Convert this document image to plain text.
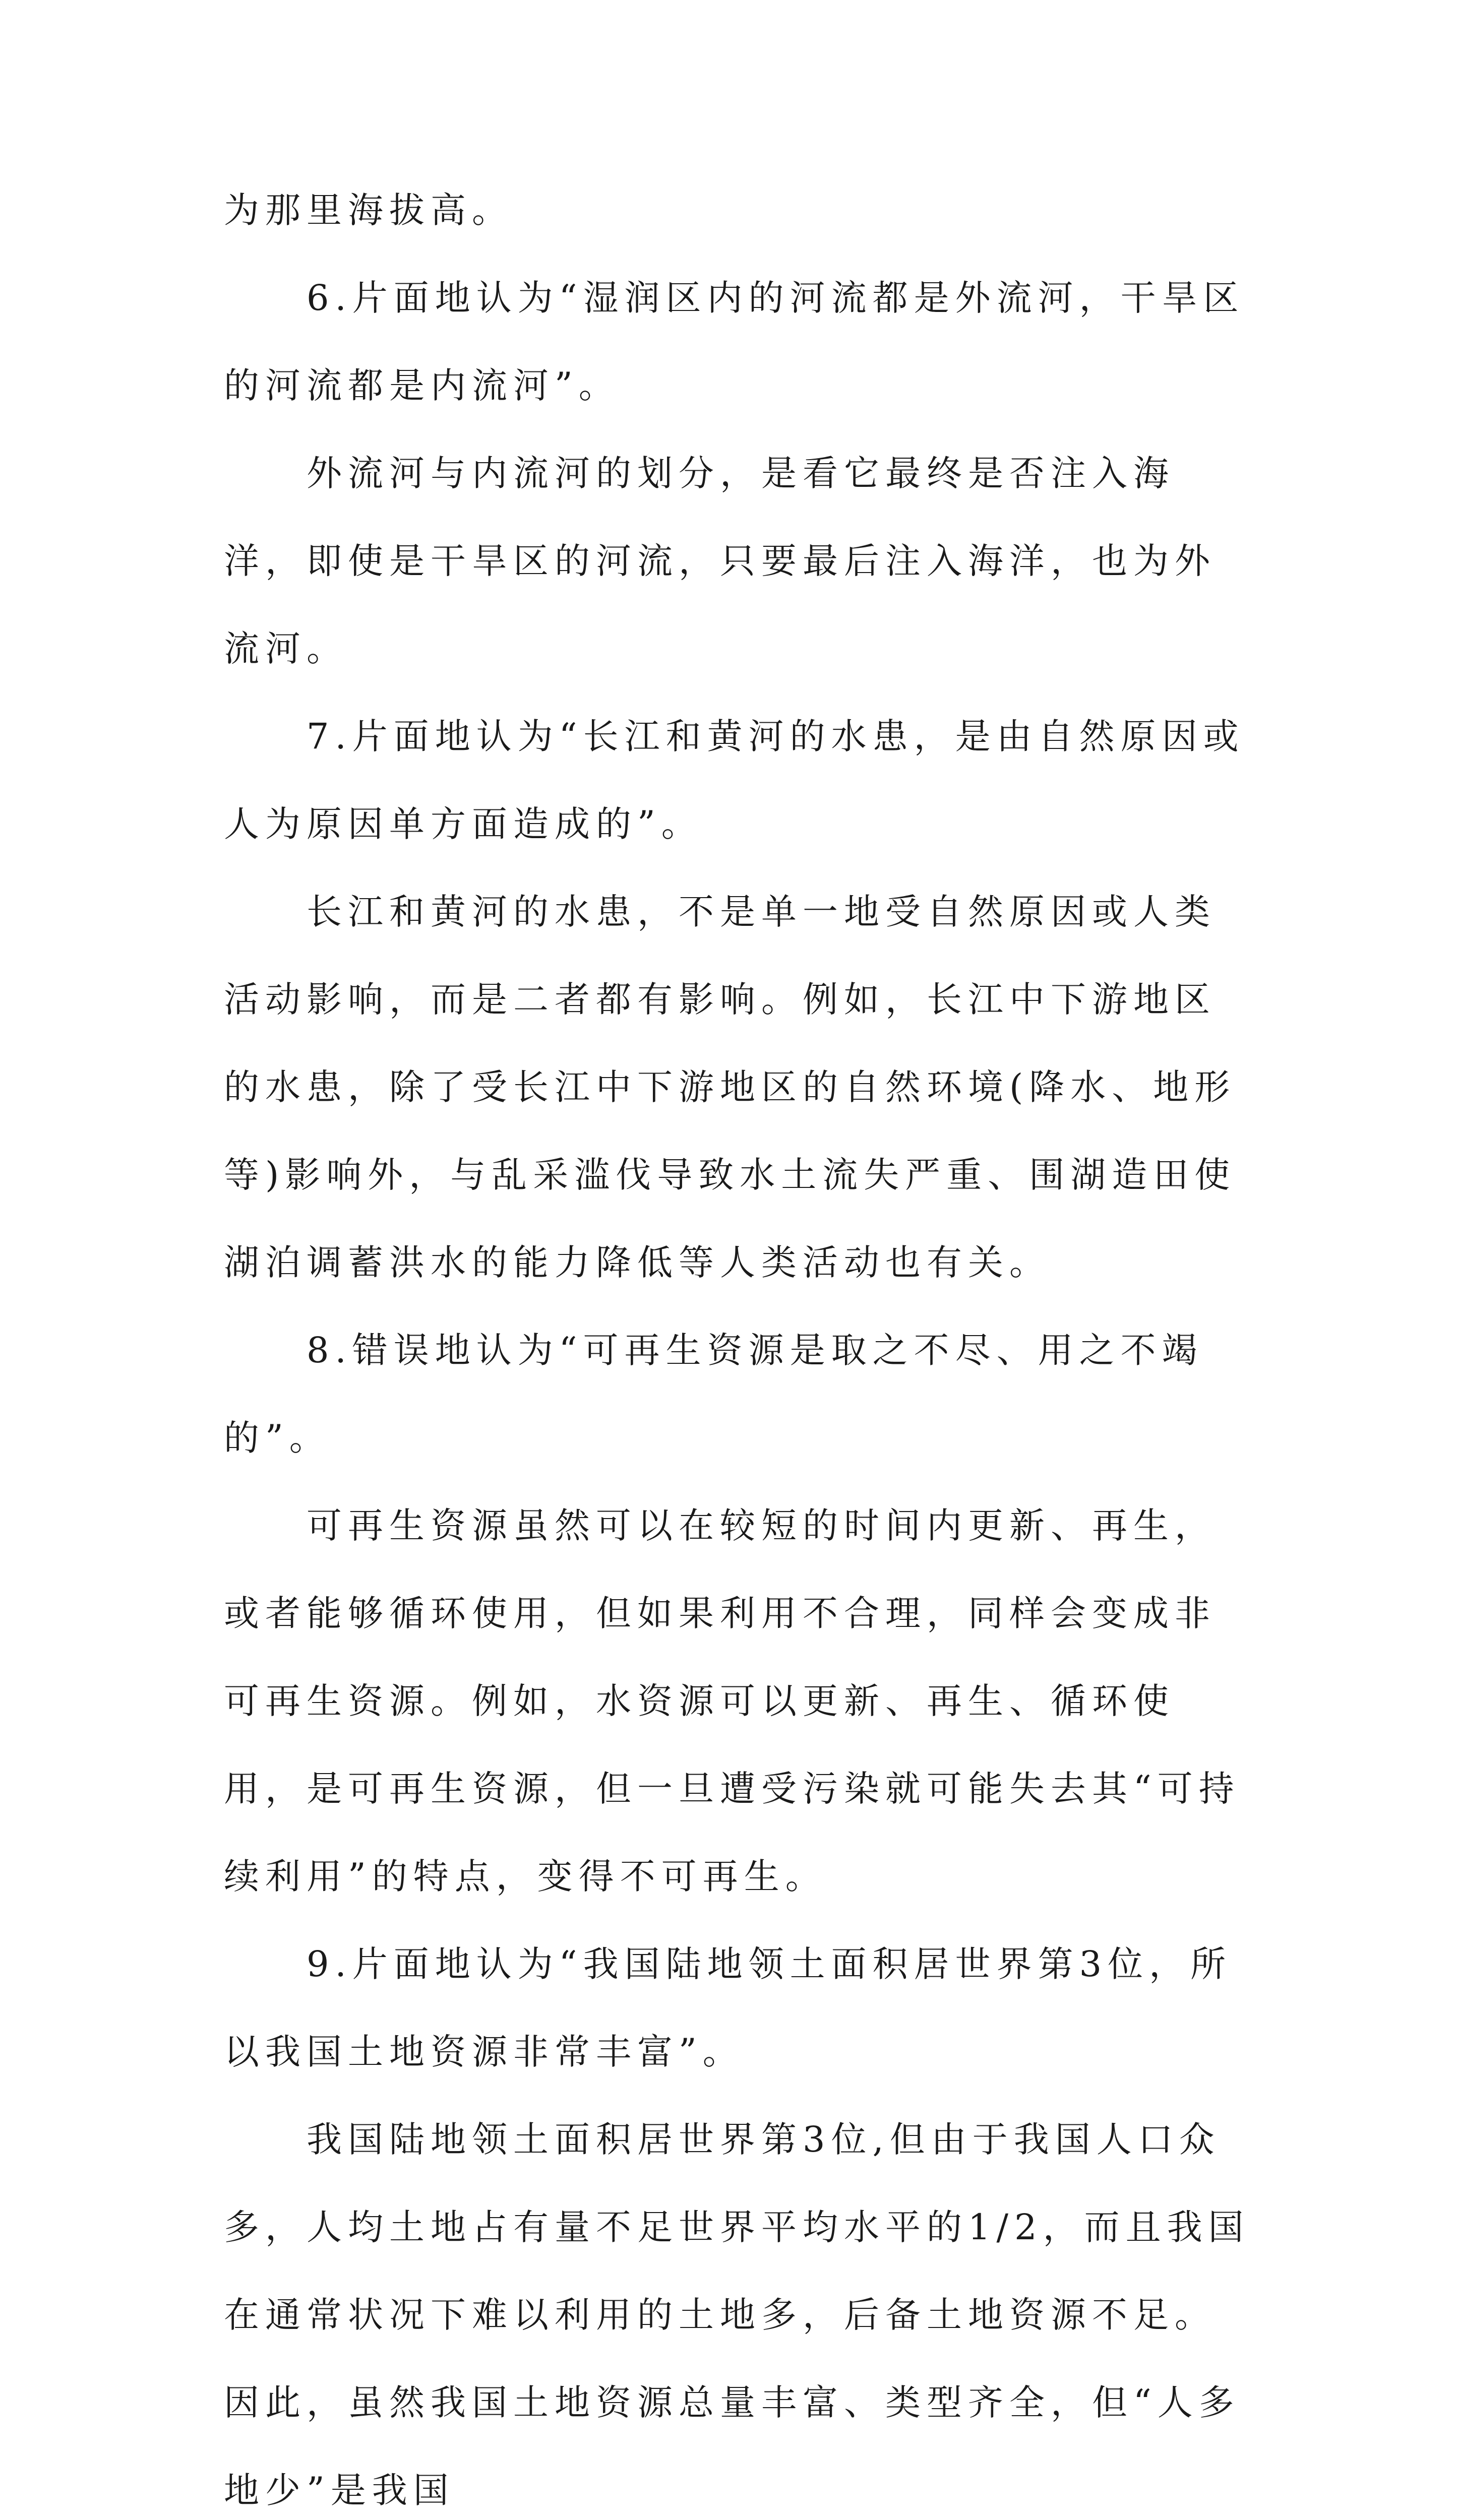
为那里海拔高。

6.片面地认为“湿润区内的河流都是外流河，干旱区的河流都是内流河”。

外流河与内流河的划分，是看它最终是否注入海洋，即使是干旱区的河流，只要最后注入海洋，也为外流河。

7.片面地认为“长江和黄河的水患，是由自然原因或人为原因单方面造成的”。

长江和黄河的水患，不是单一地受自然原因或人类活动影响，而是二者都有影响。例如，长江中下游地区的水患，除了受长江中下游地区的自然环境(降水、地形等)影响外，与乱采滥伐导致水土流失严重、围湖造田使湖泊调蓄洪水的能力降低等人类活动也有关。

8.错误地认为“可再生资源是取之不尽、用之不竭的”。

可再生资源虽然可以在较短的时间内更新、再生，或者能够循环使用，但如果利用不合理，同样会变成非可再生资源。例如，水资源可以更新、再生、循环使用，是可再生资源，但一旦遭受污染就可能失去其“可持续利用”的特点，变得不可再生。

9.片面地认为“我国陆地领土面积居世界第3位，所以我国土地资源非常丰富”。

我国陆地领土面积居世界第3位,但由于我国人口众多，人均土地占有量不足世界平均水平的1/2，而且我国在通常状况下难以利用的土地多，后备土地资源不足。因此，虽然我国土地资源总量丰富、类型齐全，但“人多地少”是我国
